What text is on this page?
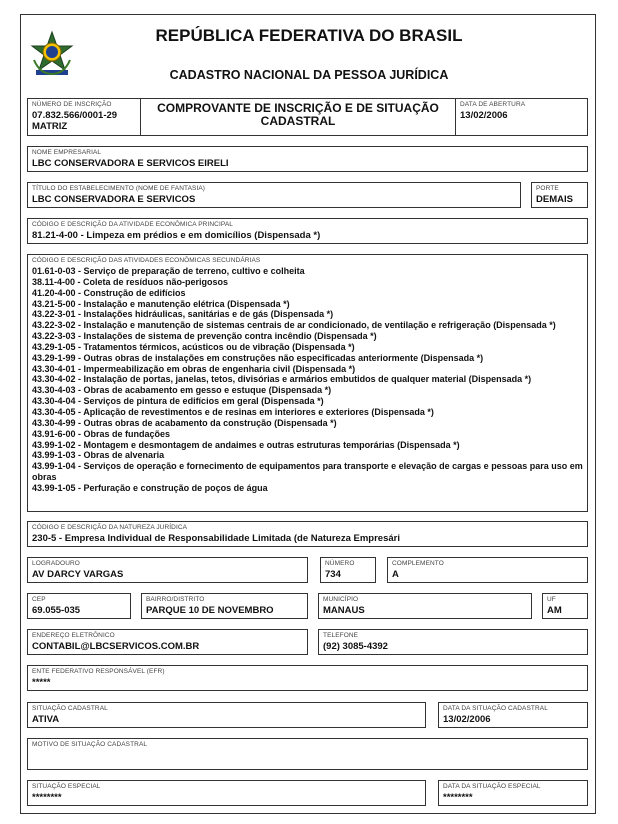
REPÚBLICA FEDERATIVA DO BRASIL
CADASTRO NACIONAL DA PESSOA JURÍDICA
NÚMERO DE INSCRIÇÃO
07.832.566/0001-29
MATRIZ
COMPROVANTE DE INSCRIÇÃO E DE SITUAÇÃO
CADASTRAL
DATA DE ABERTURA
13/02/2006
NOME EMPRESARIAL
LBC CONSERVADORA E SERVICOS EIRELI
TÍTULO DO ESTABELECIMENTO (NOME DE FANTASIA)
LBC CONSERVADORA E SERVICOS
PORTE
DEMAIS
CÓDIGO E DESCRIÇÃO DA ATIVIDADE ECONÔMICA PRINCIPAL
81.21-4-00 - Limpeza em prédios e em domicílios (Dispensada *)
CÓDIGO E DESCRIÇÃO DAS ATIVIDADES ECONÔMICAS SECUNDÁRIAS
01.61-0-03 - Serviço de preparação de terreno, cultivo e colheita
38.11-4-00 - Coleta de resíduos não-perigosos
41.20-4-00 - Construção de edifícios
43.21-5-00 - Instalação e manutenção elétrica (Dispensada *)
43.22-3-01 - Instalações hidráulicas, sanitárias e de gás (Dispensada *)
43.22-3-02 - Instalação e manutenção de sistemas centrais de ar condicionado, de ventilação e refrigeração (Dispensada *)
43.22-3-03 - Instalações de sistema de prevenção contra incêndio (Dispensada *)
43.29-1-05 - Tratamentos térmicos, acústicos ou de vibração (Dispensada *)
43.29-1-99 - Outras obras de instalações em construções não especificadas anteriormente (Dispensada *)
43.30-4-01 - Impermeabilização em obras de engenharia civil (Dispensada *)
43.30-4-02 - Instalação de portas, janelas, tetos, divisórias e armários embutidos de qualquer material (Dispensada *)
43.30-4-03 - Obras de acabamento em gesso e estuque (Dispensada *)
43.30-4-04 - Serviços de pintura de edifícios em geral (Dispensada *)
43.30-4-05 - Aplicação de revestimentos e de resinas em interiores e exteriores (Dispensada *)
43.30-4-99 - Outras obras de acabamento da construção (Dispensada *)
43.91-6-00 - Obras de fundações
43.99-1-02 - Montagem e desmontagem de andaimes e outras estruturas temporárias (Dispensada *)
43.99-1-03 - Obras de alvenaria
43.99-1-04 - Serviços de operação e fornecimento de equipamentos para transporte e elevação de cargas e pessoas para uso em obras
43.99-1-05 - Perfuração e construção de poços de água
CÓDIGO E DESCRIÇÃO DA NATUREZA JURÍDICA
230-5 - Empresa Individual de Responsabilidade Limitada (de Natureza Empresári
LOGRADOURO
AV DARCY VARGAS
NÚMERO
734
COMPLEMENTO
A
CEP
69.055-035
BAIRRO/DISTRITO
PARQUE 10 DE NOVEMBRO
MUNICÍPIO
MANAUS
UF
AM
ENDEREÇO ELETRÔNICO
CONTABIL@LBCSERVICOS.COM.BR
TELEFONE
(92) 3085-4392
ENTE FEDERATIVO RESPONSÁVEL (EFR)
*****
SITUAÇÃO CADASTRAL
ATIVA
DATA DA SITUAÇÃO CADASTRAL
13/02/2006
MOTIVO DE SITUAÇÃO CADASTRAL
SITUAÇÃO ESPECIAL
********
DATA DA SITUAÇÃO ESPECIAL
********
